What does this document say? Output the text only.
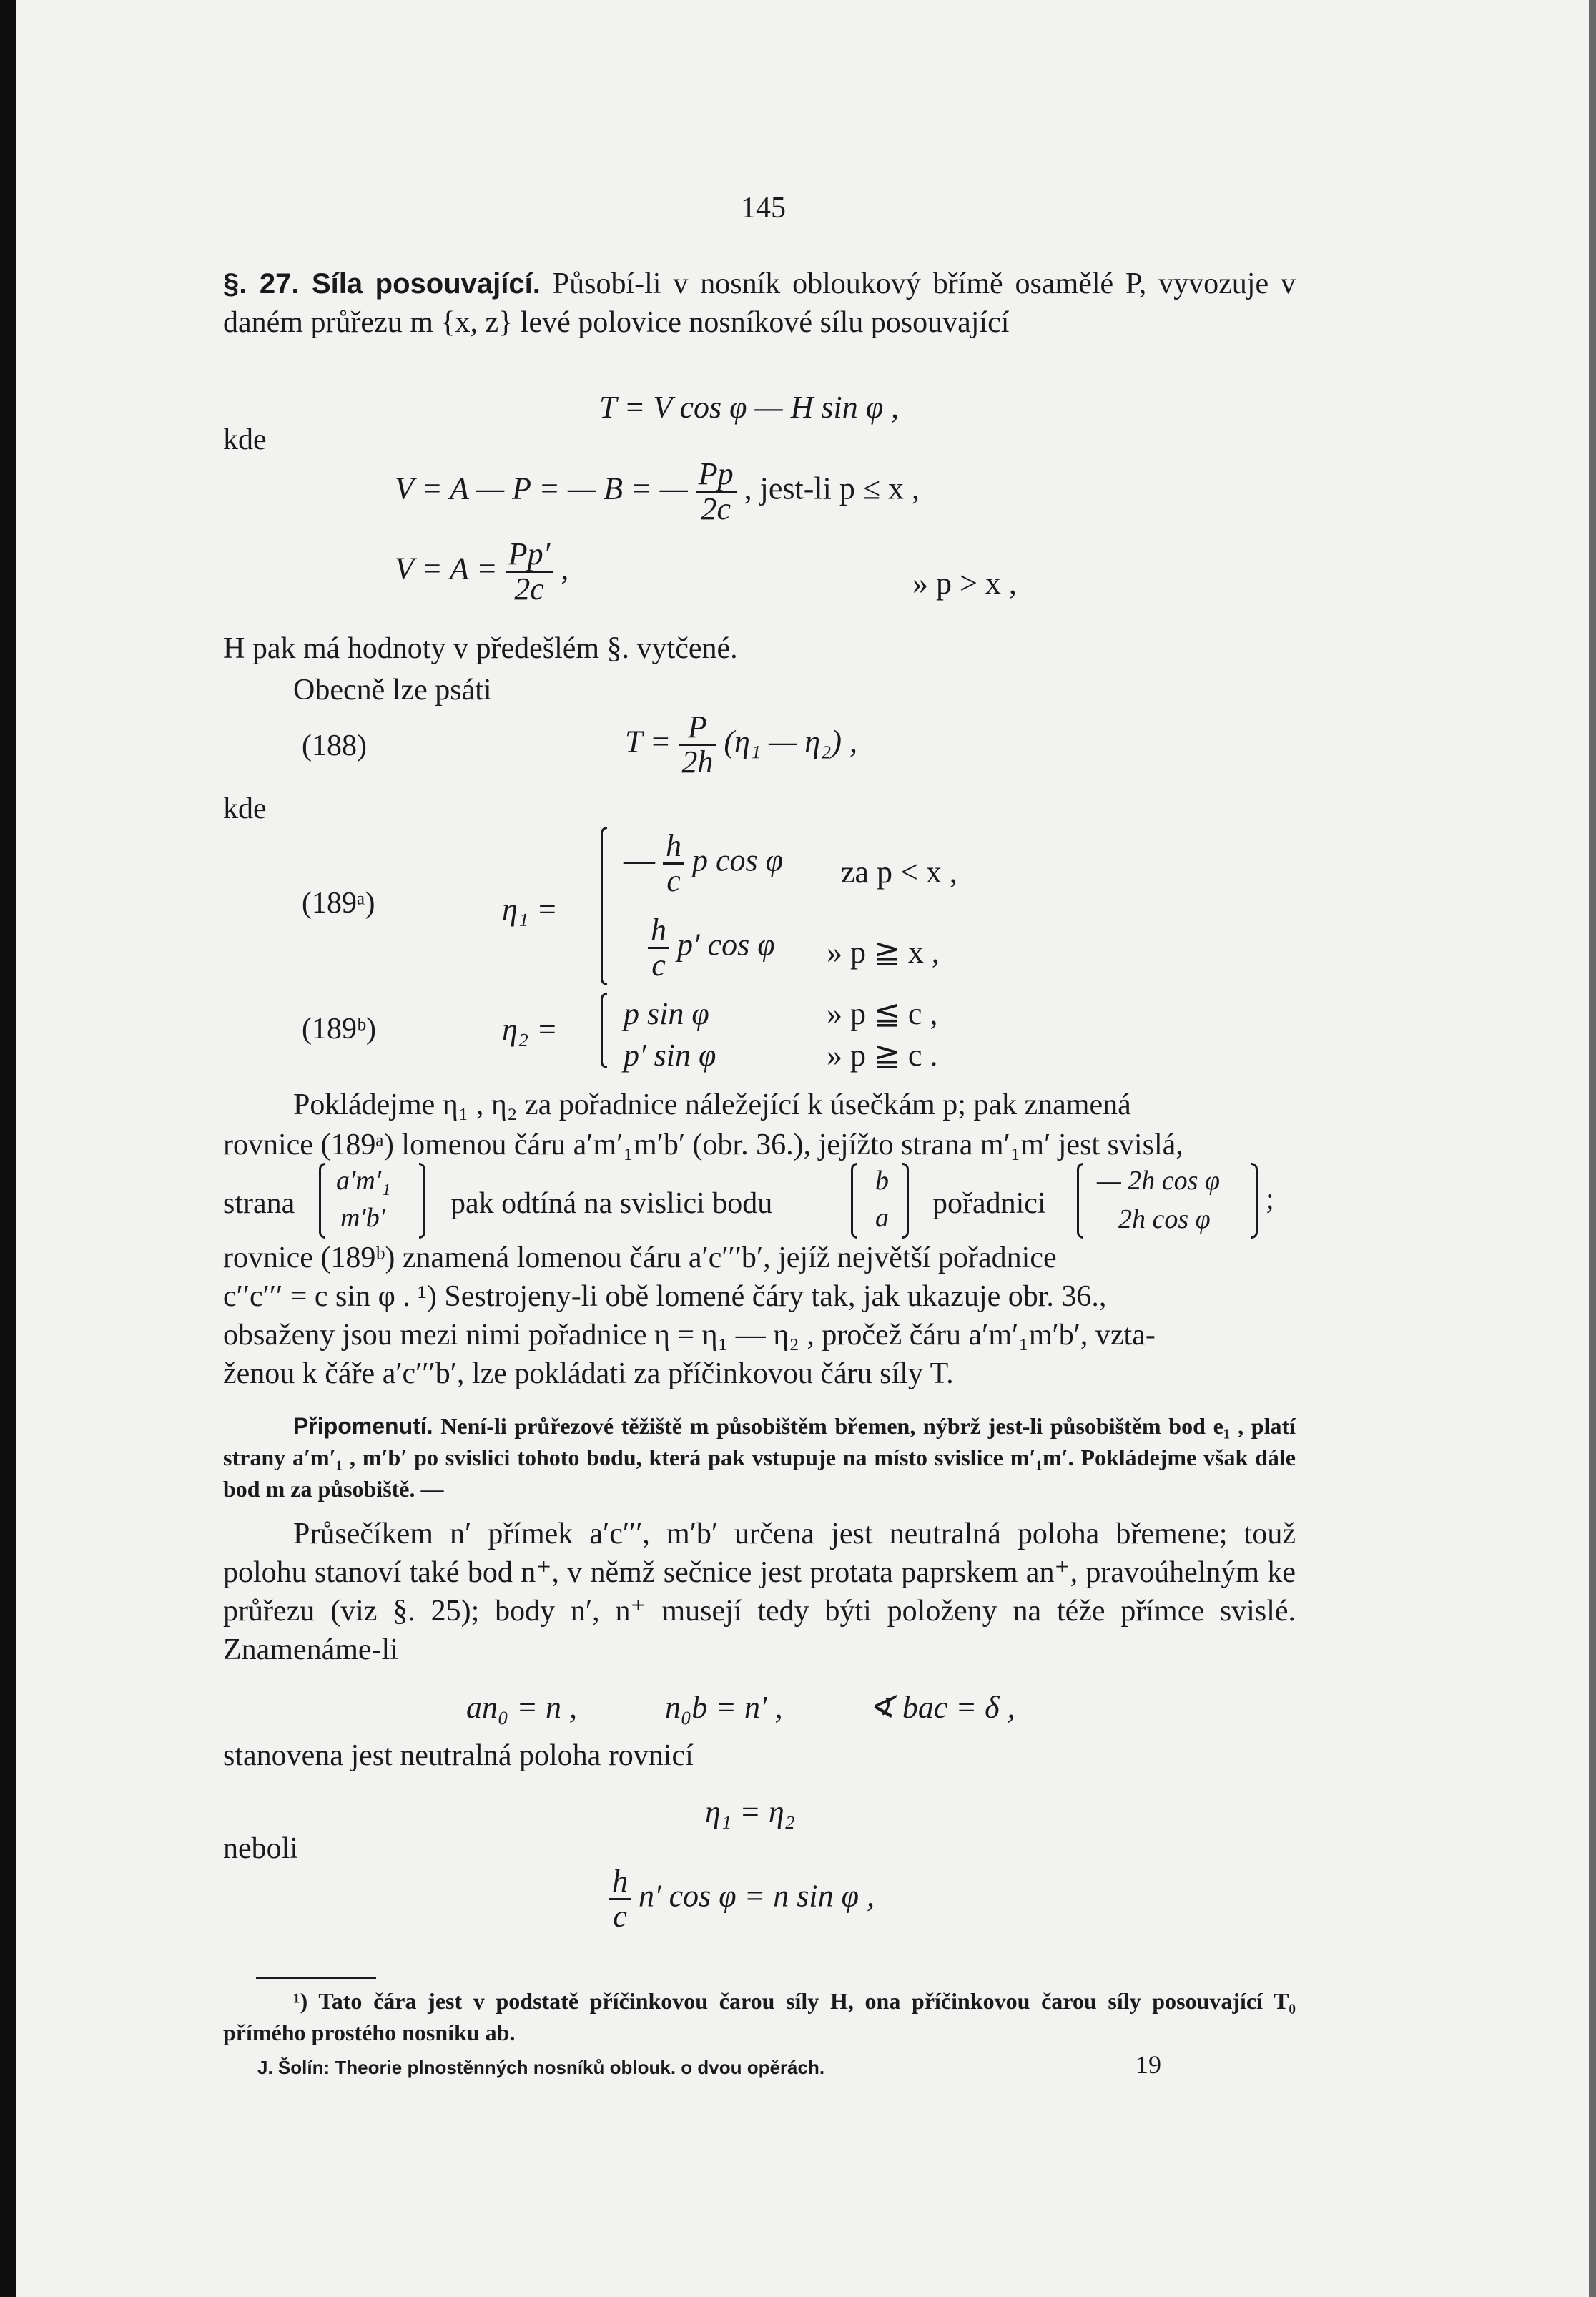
145
§. 27. Síla posouvající. Působí-li v nosník obloukový břímě osamělé P, vyvozuje v daném průřezu m {x, z} levé polovice nosníkové sílu posouvající
T = V cos φ — H sin φ ,
kde
V = A — P = — B = — $\frac{Pp}{2c}$ , jest-li p ≤ x ,
$V = A = \frac{Pp'}{2c}$ ,	» p > x ,
H pak má hodnoty v předešlém §. vytčené.
Obecně lze psáti
(188)	$T = \frac{P}{2h} (\eta_1$ — η₂) ,
kde
(189ᵃ)	η₁ =
— $\frac{h}{c}$ p cos φ za p < x ,
$\frac{h}{c} p'$ cos φ » p ≧ x ,
(189ᵇ)	η₂ = p sin φ	» p ≦ c ,
p′ sin φ	» p ≧ c .
Pokládejme η₁ , η₂ za pořadnice náležející k úsečkám p; pak znamená
rovnice (189ᵃ) lomenou čáru a′m′₁m′b′ (obr. 36.), jejížto strana m′₁m′ jest svislá,
strana
a′m′₁
m′b′ pak odtíná na svislici bodu
b
a pořadnici
— 2h cos φ
2h cos φ
;
rovnice (189ᵇ) znamená lomenou čáru a′c′′′b′, jejíž největší pořadnice
c′′c′′′ = c sin φ . ¹) Sestrojeny-li obě lomené čáry tak, jak ukazuje obr. 36.,
obsaženy jsou mezi nimi pořadnice η = η₁ — η₂ , pročež čáru a′m′₁m′b′, vzta-
ženou k čáře a′c′′′b′, lze pokládati za příčinkovou čáru síly T.
Připomenutí. Není-li průřezové těžiště m působištěm břemen, nýbrž jest-li působištěm bod e₁ , platí strany a′m′₁ , m′b′ po svislici tohoto bodu, která pak vstupuje na místo svislice m′₁m′. Pokládejme však dále bod m za působiště. —
Průsečíkem n′ přímek a′c′′′, m′b′ určena jest neutralná poloha břemene; touž polohu stanoví také bod n⁺, v němž sečnice jest protata paprskem an⁺, pravoúhelným ke průřezu (viz §. 25); body n′, n⁺ musejí tedy býti položeny na téže přímce svislé. Znamenáme-li
an₀ = n ,	n₀b = n′ ,	∢ bac = δ ,
stanovena jest neutralná poloha rovnicí
η₁ = η₂
neboli
$\frac{h}{c} n'$ cos φ = n sin φ ,
¹) Tato čára jest v podstatě příčinkovou čarou síly H, ona příčinkovou čarou síly posouvající T₀ přímého prostého nosníku ab.
J. Šolín: Theorie plnostěnných nosníků oblouk. o dvou opěrách.	19
